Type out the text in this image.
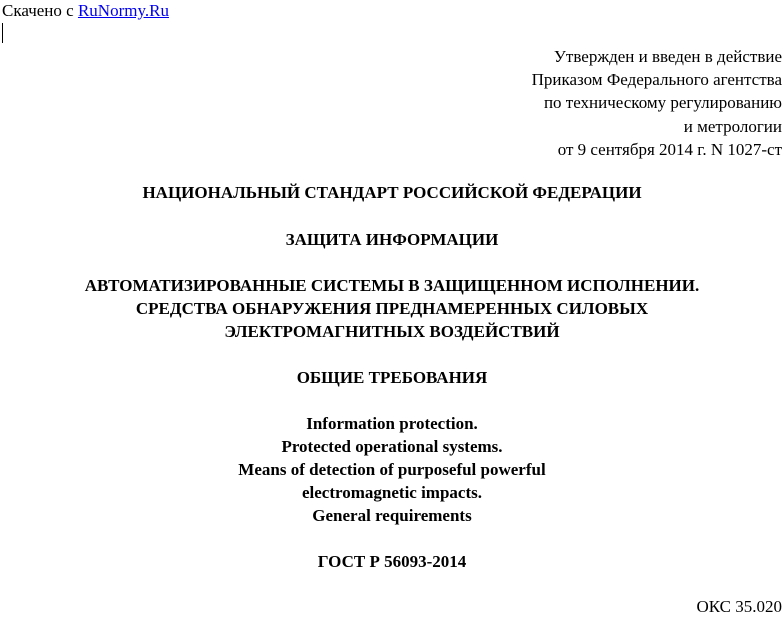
Скачено с RuNormy.Ru
Утвержден и введен в действие
Приказом Федерального агентства
по техническому регулированию
и метрологии
от 9 сентября 2014 г. N 1027-ст
НАЦИОНАЛЬНЫЙ СТАНДАРТ РОССИЙСКОЙ ФЕДЕРАЦИИ
ЗАЩИТА ИНФОРМАЦИИ
АВТОМАТИЗИРОВАННЫЕ СИСТЕМЫ В ЗАЩИЩЕННОМ ИСПОЛНЕНИИ.
СРЕДСТВА ОБНАРУЖЕНИЯ ПРЕДНАМЕРЕННЫХ СИЛОВЫХ
ЭЛЕКТРОМАГНИТНЫХ ВОЗДЕЙСТВИЙ
ОБЩИЕ ТРЕБОВАНИЯ
Information protection.
Protected operational systems.
Means of detection of purposeful powerful
electromagnetic impacts.
General requirements
ГОСТ Р 56093-2014
ОКС 35.020
